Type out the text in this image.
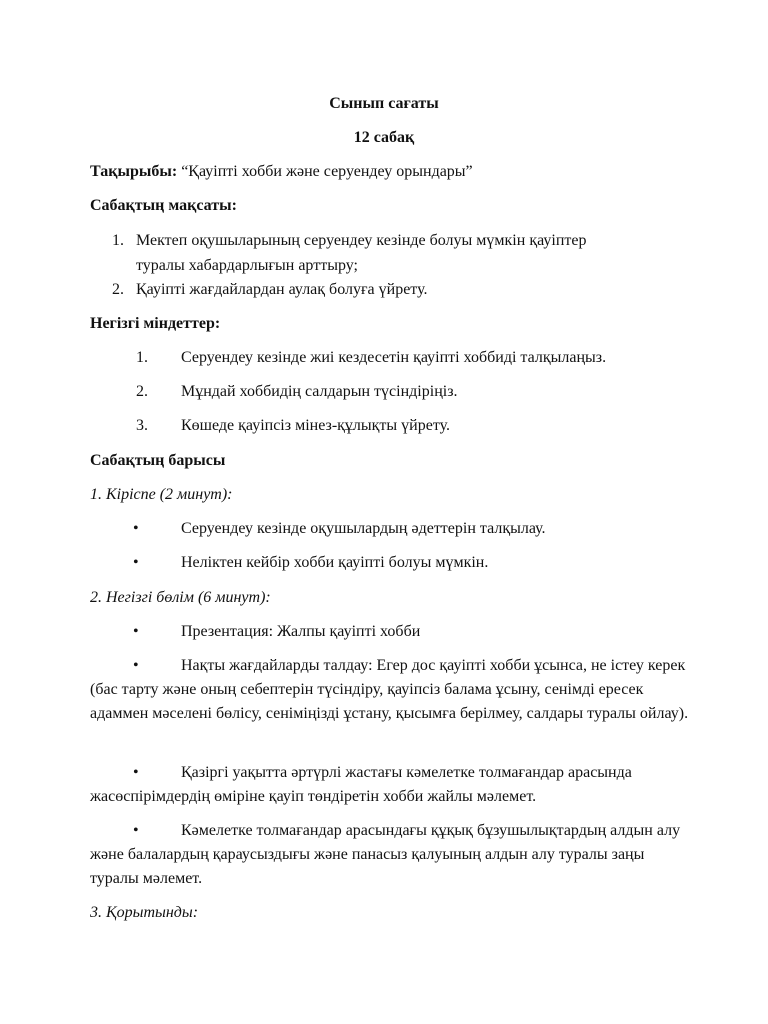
Сынып сағаты
12 сабақ
Тақырыбы: “Қауіпті хобби және серуендеу орындары”
Сабақтың мақсаты:
1. Мектеп оқушыларының серуендеу кезінде болуы мүмкін қауіптер
туралы хабардарлығын арттыру;
2. Қауіпті жағдайлардан аулақ болуға үйрету.
Негізгі міндеттер:
1.	Серуендеу кезінде жиі кездесетін қауіпті хоббиді талқылаңыз.
2.	Мұндай хоббидің салдарын түсіндіріңіз.
3.	Көшеде қауіпсіз мінез-құлықты үйрету.
Сабақтың барысы
1. Кіріспе (2 минут):
•	Серуендеу кезінде оқушылардың әдеттерін талқылау.
•	Неліктен кейбір хобби қауіпті болуы мүмкін.
2. Негізгі бөлім (6 минут):
•	Презентация: Жалпы қауіпті хобби
•	Нақты жағдайларды талдау: Егер дос қауіпті хобби ұсынса, не істеу керек (бас тарту және оның себептерін түсіндіру, қауіпсіз балама ұсыну, сенімді ересек адаммен мәселені бөлісу, сеніміңізді ұстану, қысымға берілмеу, салдары туралы ойлау).
•	Қазіргі уақытта әртүрлі жастағы кәмелетке толмағандар арасында жасөспірімдердің өміріне қауіп төндіретін хобби жайлы мәлемет.
•	Кәмелетке толмағандар арасындағы құқық бұзушылықтардың алдын алу және балалардың қараусыздығы және панасыз қалуының алдын алу туралы заңы туралы мәлемет.
3. Қорытынды:
